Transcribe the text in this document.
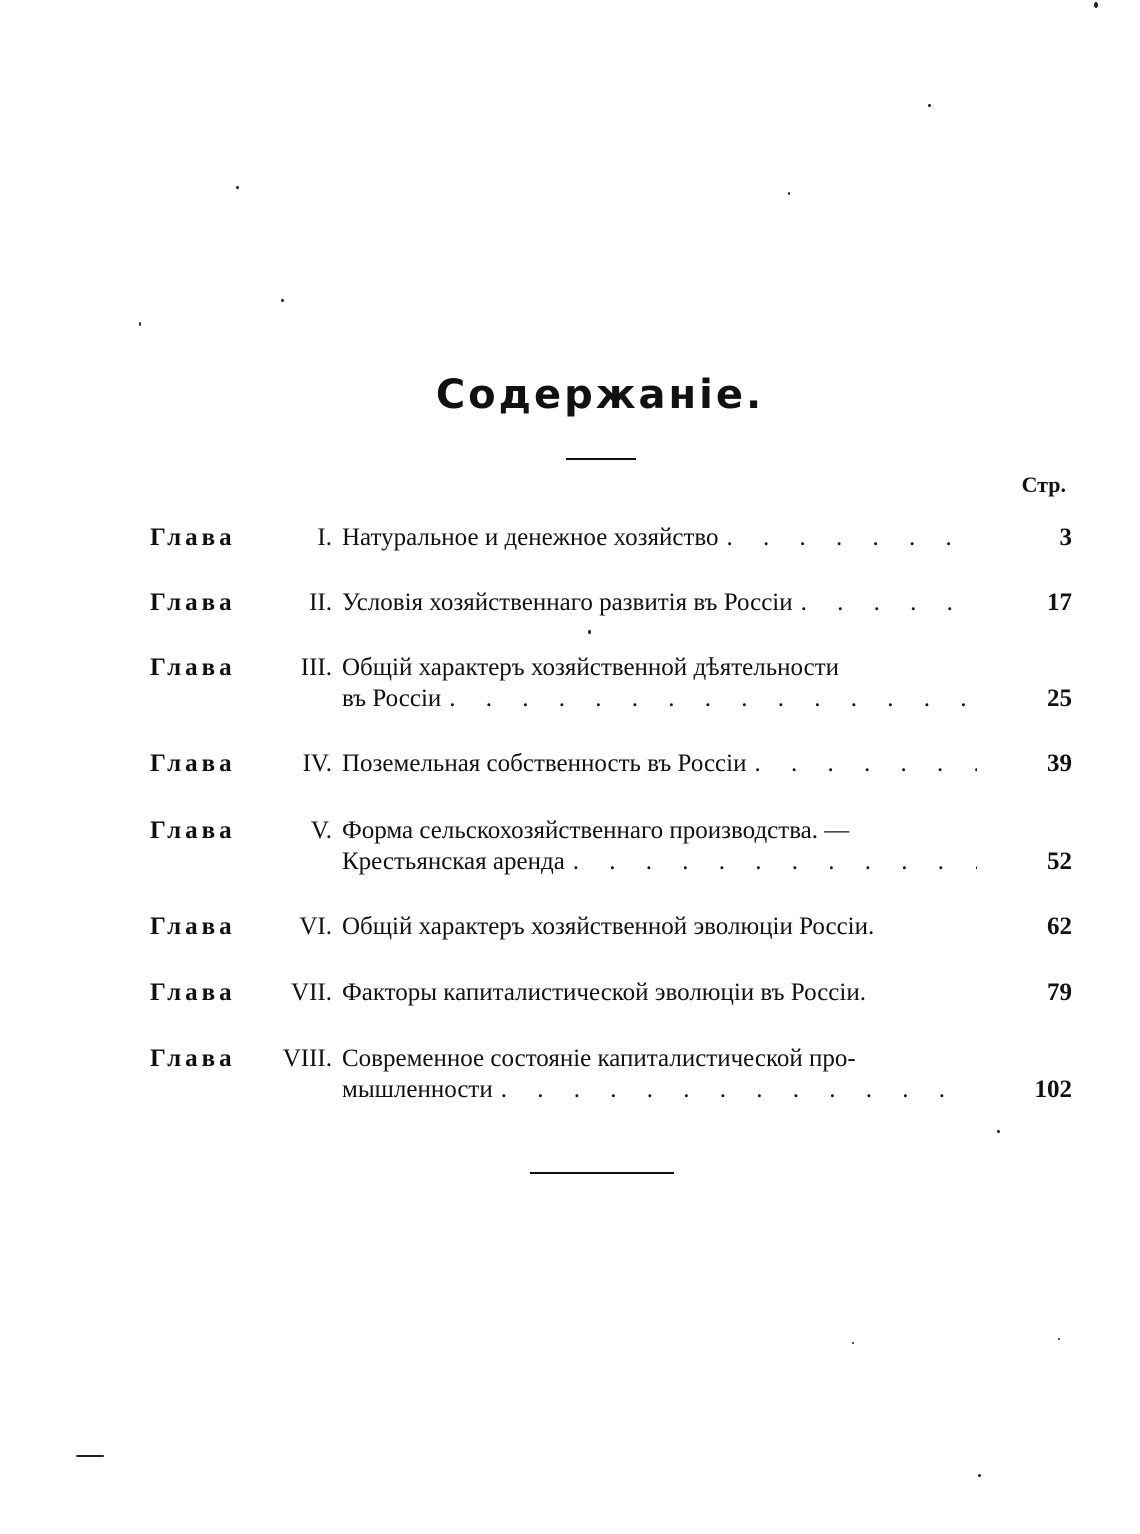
Содержаніе.
Стр.
Глава	I. Натуральное и денежное хозяйство . . .	3
Глава	II. Условія хозяйственнаго развитія въ Россіи . . .	17
Глава	III. Общій характеръ хозяйственной дѣятельности
въ Россіи . . .	25
Глава	IV. Поземельная собственность въ Россіи . . .	39
Глава	V. Форма сельскохозяйственнаго производства. —
Крестьянская аренда . . .	52
Глава	VI. Общій характеръ хозяйственной эволюціи Россіи.	62
Глава	VII. Факторы капиталистической эволюціи въ Россіи.	79
Глава	VIII. Современное состояніе капиталистической про-
мышленности . . .	102
